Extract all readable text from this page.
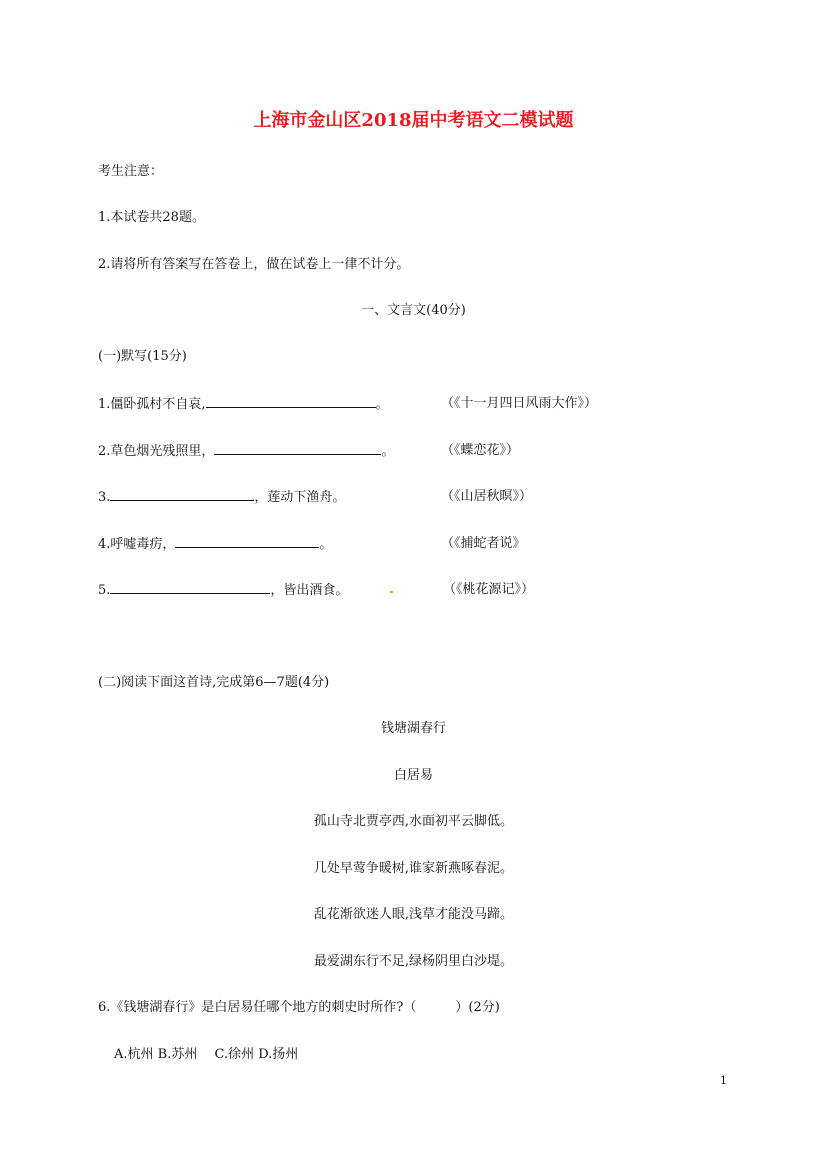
上海市金山区2018届中考语文二模试题
考生注意：
1.本试卷共28题。
2.请将所有答案写在答卷上，做在试卷上一律不计分。
一、文言文(40分)
(一)默写(15分)
1.僵卧孤村不自哀,	。	（《十一月四日风雨大作》）
2.草色烟光残照里，	。	（《蝶恋花》）
3.	，莲动下渔舟。	（《山居秋暝》）
4.呼嘘毒疠，	。	（《捕蛇者说》
5.	，皆出酒食。	（《桃花源记》）
(二)阅读下面这首诗,完成第6—7题(4分)
钱塘湖春行
白居易
孤山寺北贾亭西,水面初平云脚低。
几处早莺争暖树,谁家新燕啄春泥。
乱花渐欲迷人眼,浅草才能没马蹄。
最爱湖东行不足,绿杨阴里白沙堤。
6.《钱塘湖春行》是白居易任哪个地方的刺史时所作?（　　　）(2分)
A.杭州 B.苏州　 C.徐州 D.扬州
1
